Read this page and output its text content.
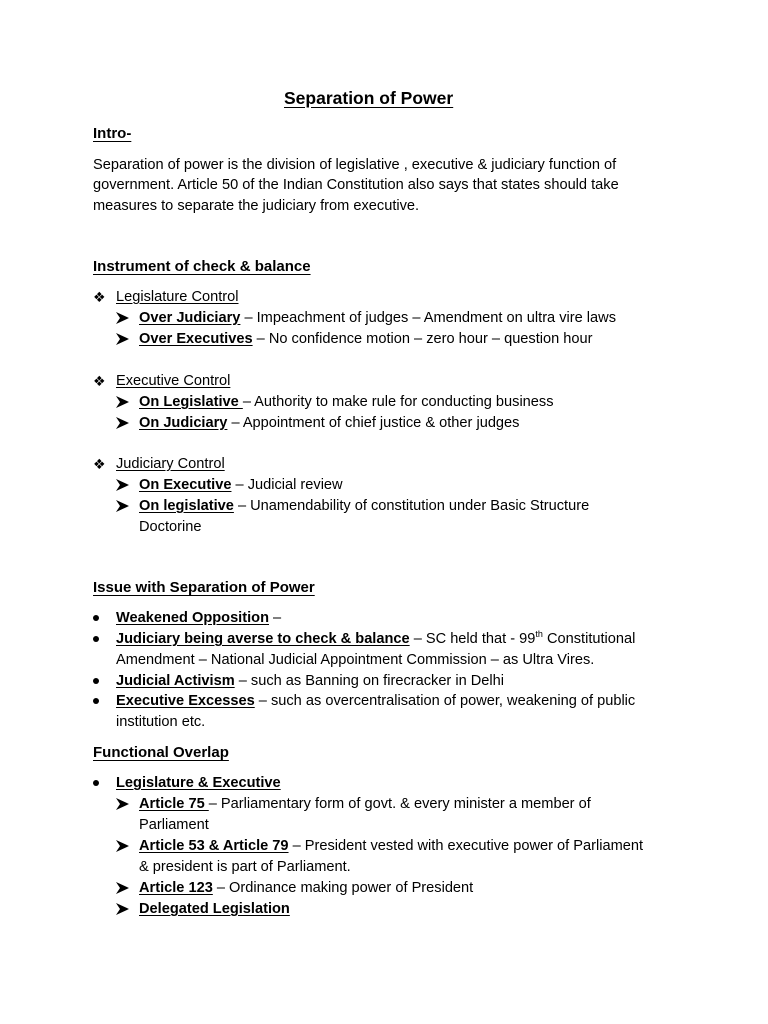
Separation of Power
Intro-
Separation of power is the division of legislative , executive & judiciary function of
government. Article 50 of the Indian Constitution also says that states should take
measures to separate the judiciary from executive.
Instrument of check & balance
❖ Legislature Control
Over Judiciary – Impeachment of judges – Amendment on ultra vire laws
Over Executives – No confidence motion – zero hour – question hour
❖ Executive Control
On Legislative – Authority to make rule for conducting business
On Judiciary – Appointment of chief justice & other judges
❖ Judiciary Control
On Executive – Judicial review
On legislative – Unamendability of constitution under Basic Structure
Doctorine
Issue with Separation of Power
Weakened Opposition –
Judiciary being averse to check & balance – SC held that - 99th Constitutional
Amendment – National Judicial Appointment Commission – as Ultra Vires.
Judicial Activism – such as Banning on firecracker in Delhi
Executive Excesses – such as overcentralisation of power, weakening of public
institution etc.
Functional Overlap
Legislature & Executive
Article 75 – Parliamentary form of govt. & every minister a member of
Parliament
Article 53 & Article 79 – President vested with executive power of Parliament
& president is part of Parliament.
Article 123 – Ordinance making power of President
Delegated Legislation
